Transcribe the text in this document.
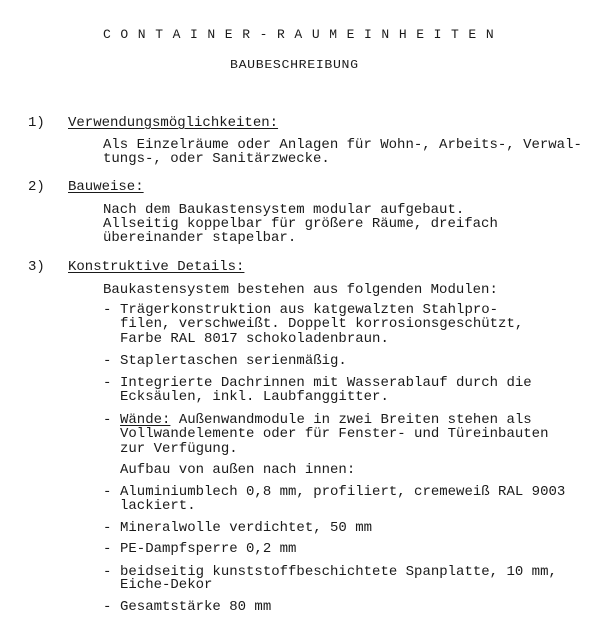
CONTAINER-RAUMEINHEITEN
BAUBESCHREIBUNG
1) Verwendungsmöglichkeiten:
Als Einzelräume oder Anlagen für Wohn-, Arbeits-, Verwal-
tungs-, oder Sanitärzwecke.
2) Bauweise:
Nach dem Baukastensystem modular aufgebaut.
Allseitig koppelbar für größere Räume, dreifach
übereinander stapelbar.
3) Konstruktive Details:
Baukastensystem bestehen aus folgenden Modulen:
- Trägerkonstruktion aus katgewalzten Stahlpro-
filen, verschweißt. Doppelt korrosionsgeschützt,
Farbe RAL 8017 schokoladenbraun.
- Staplertaschen serienmäßig.
- Integrierte Dachrinnen mit Wasserablauf durch die
Ecksäulen, inkl. Laubfanggitter.
- Wände: Außenwandmodule in zwei Breiten stehen als
Vollwandelemente oder für Fenster- und Türeinbauten
zur Verfügung.
Aufbau von außen nach innen:
- Aluminiumblech 0,8 mm, profiliert, cremeweiß RAL 9003
lackiert.
- Mineralwolle verdichtet, 50 mm
- PE-Dampfsperre 0,2 mm
- beidseitig kunststoffbeschichtete Spanplatte, 10 mm,
Eiche-Dekor
- Gesamtstärke 80 mm
